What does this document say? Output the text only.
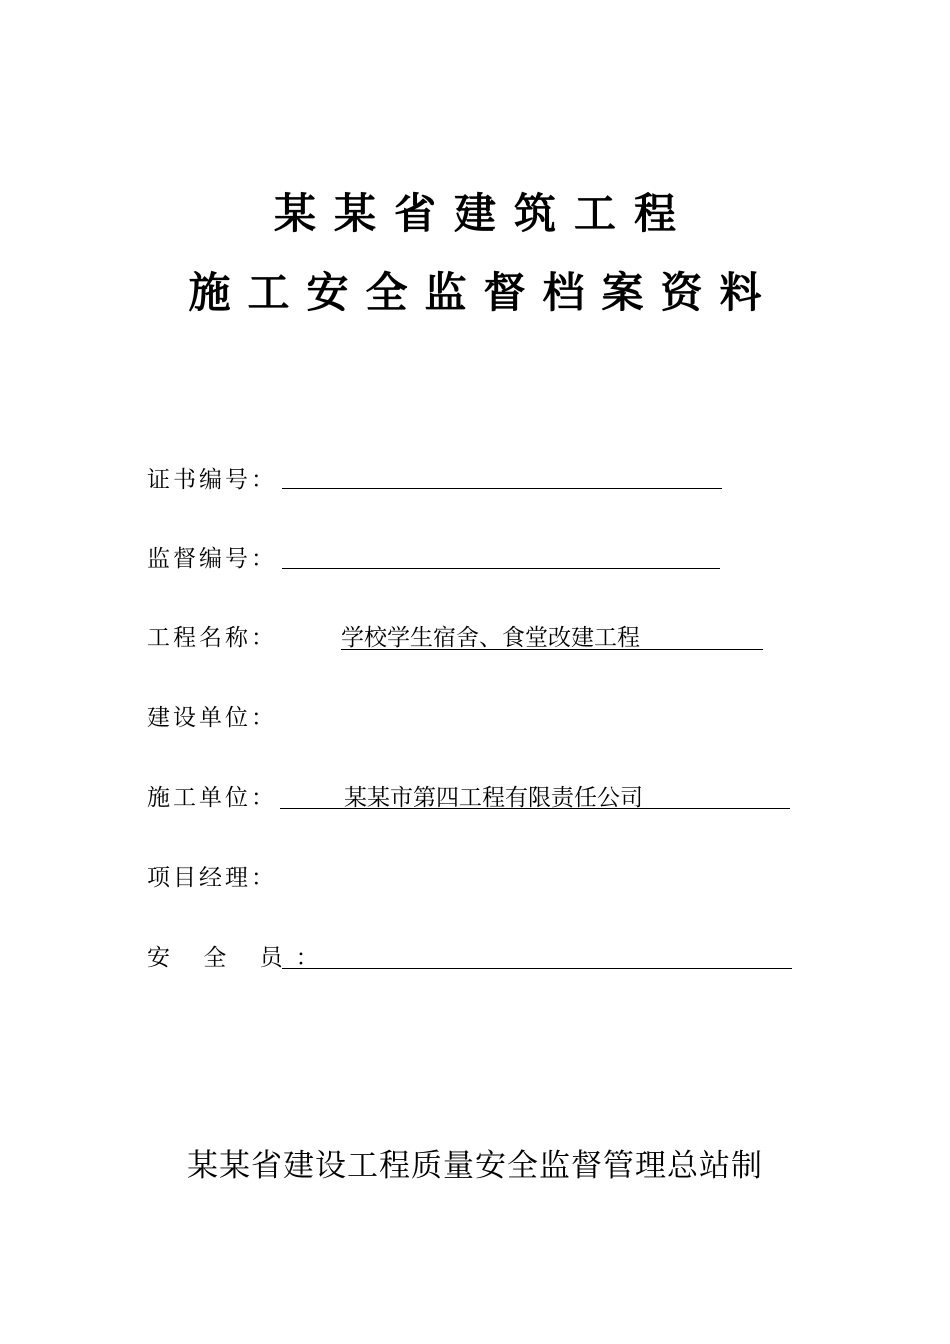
某某省建筑工程
施工安全监督档案资料
证书编号：
监督编号：
工程名称：	学校学生宿舍、食堂改建工程
建设单位：
施工单位：	某某市第四工程有限责任公司
项目经理：
安 全 员：
某某省建设工程质量安全监督管理总站制
